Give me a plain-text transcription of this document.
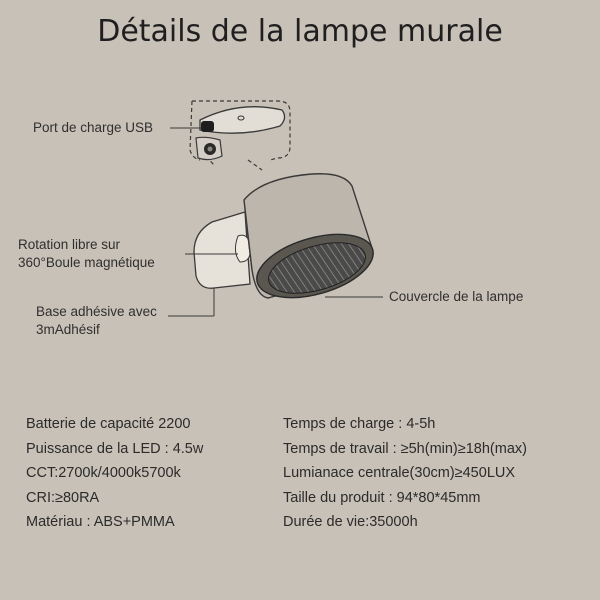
Détails de la lampe murale
Port de charge USB
Rotation libre sur
360°Boule magnétique
Base adhésive avec
3mAdhésif
Couvercle de la lampe
Batterie de capacité 2200
Puissance de la LED : 4.5w
CCT:2700k/4000k5700k
CRI:≥80RA
Matériau : ABS+PMMA
Temps de charge : 4-5h
Temps de travail : ≥5h(min)≥18h(max)
Lumianace centrale(30cm)≥450LUX
Taille du produit : 94*80*45mm
Durée de vie:35000h
